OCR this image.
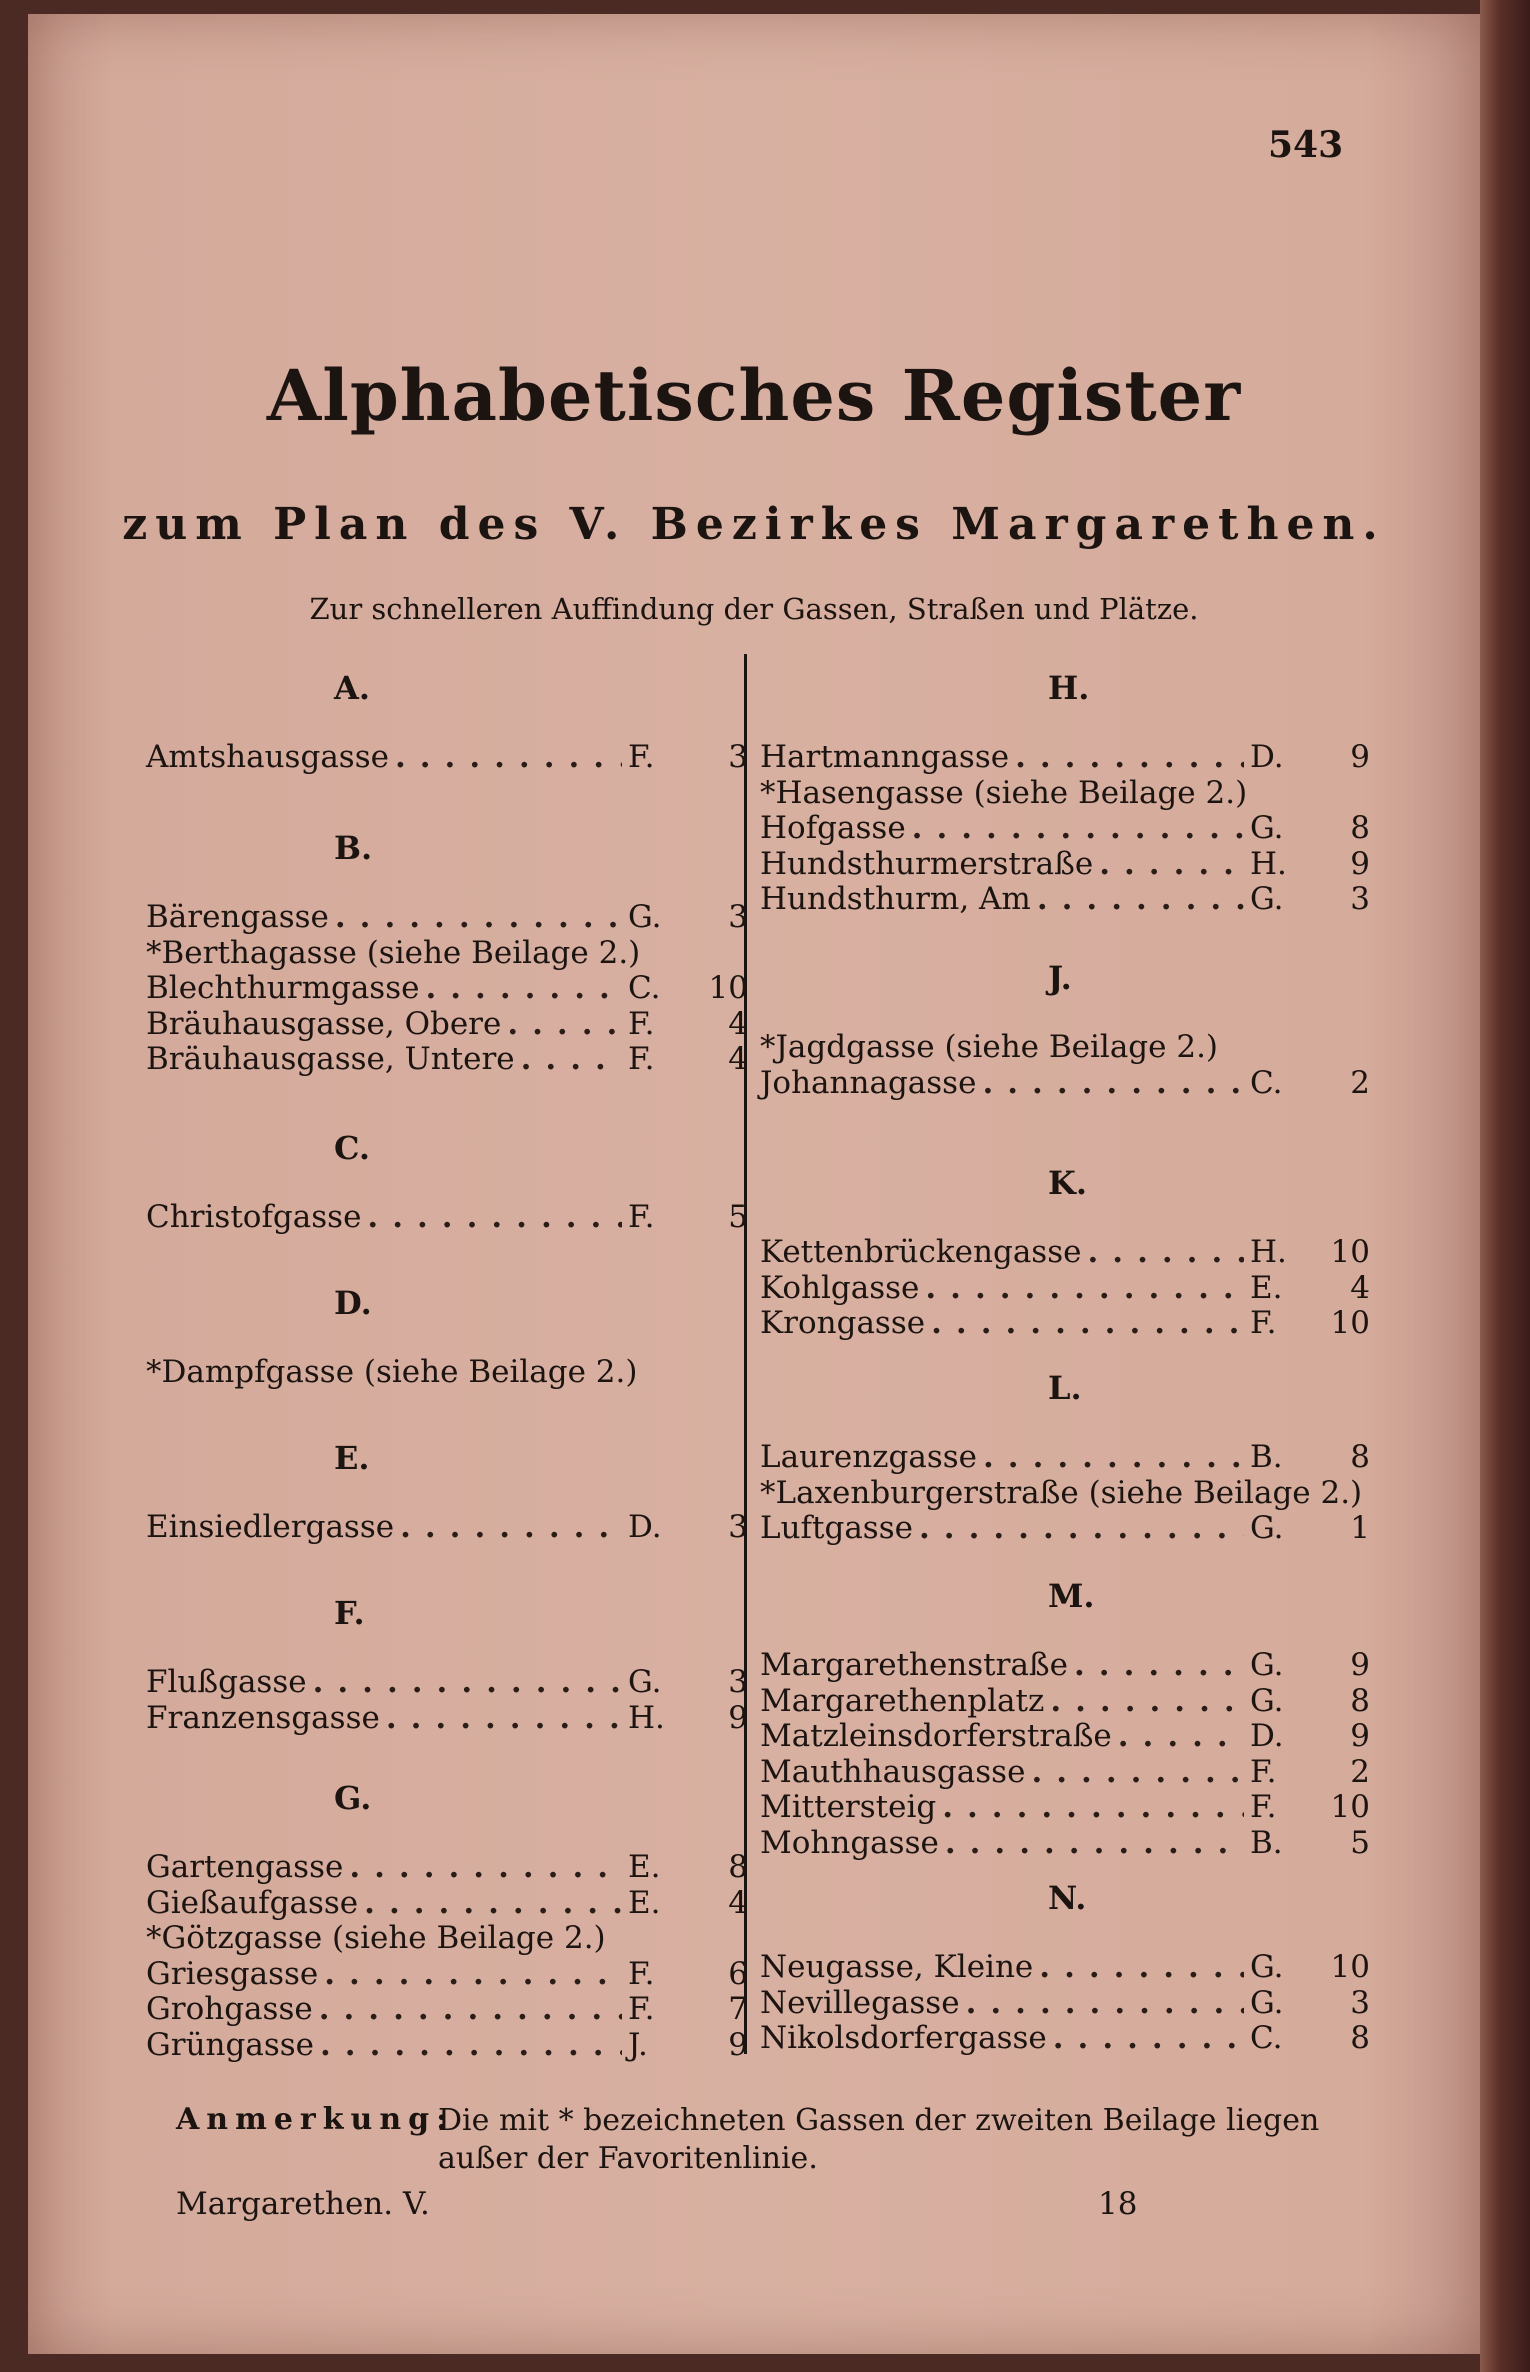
543
Alphabetisches Register
zum Plan des V. Bezirkes Margarethen.
Zur schnelleren Auffindung der Gassen, Straßen und Plätze.
A.
Amtshausgasse .....	F.	3
B.
Bärengasse .....	G.	3
*Berthagasse (siehe Beilage 2.)
Blechthurmgasse .....	C.	10
Bräuhausgasse, Obere .....	F.	4
Bräuhausgasse, Untere .....	F.	4
C.
Christofgasse .....	F.	5
D.
*Dampfgasse (siehe Beilage 2.)
E.
Einsiedlergasse .....	D.	3
F.
Flußgasse .....	G.	3
Franzensgasse .....	H.	9
G.
Gartengasse .....	E.	8
Gießaufgasse .....	E.	4
*Götzgasse (siehe Beilage 2.)
Griesgasse .....	F.	6
Grohgasse .....	F.	7
Grüngasse .....	J.	9
H.
Hartmanngasse .....	D.	9
*Hasengasse (siehe Beilage 2.)
Hofgasse .....	G.	8
Hundsthurmerstraße .....	H.	9
Hundsthurm, Am .....	G.	3
J.
*Jagdgasse (siehe Beilage 2.)
Johannagasse .....	C.	2
K.
Kettenbrückengasse .....	H.	10
Kohlgasse .....	E.	4
Krongasse .....	F.	10
L.
Laurenzgasse .....	B.	8
*Laxenburgerstraße (siehe Beilage 2.)
Luftgasse .....	G.	1
M.
Margarethenstraße .....	G.	9
Margarethenplatz .....	G.	8
Matzleinsdorferstraße .....	D.	9
Mauthhausgasse .....	F.	2
Mittersteig .....	F.	10
Mohngasse .....	B.	5
N.
Neugasse, Kleine .....	G.	10
Nevillegasse .....	G.	3
Nikolsdorfergasse .....	C.	8
Anmerkung:
Die mit * bezeichneten Gassen der zweiten Beilage liegen außer der Favoritenlinie.
Margarethen. V.	18
